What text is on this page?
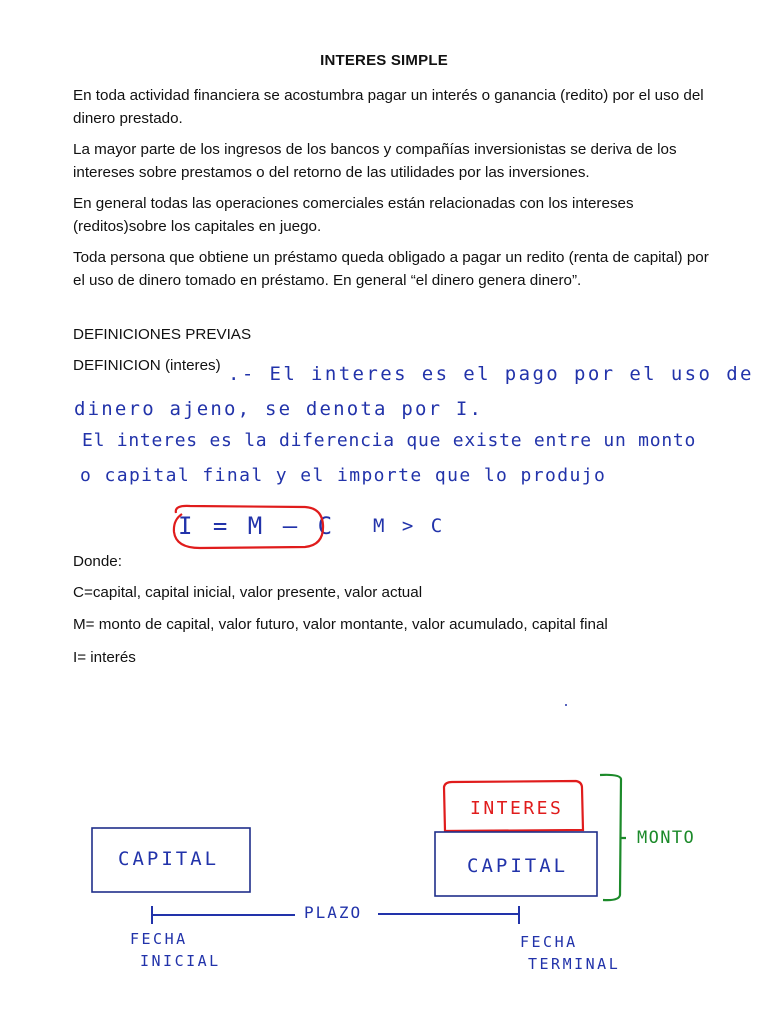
INTERES SIMPLE

En toda actividad financiera se acostumbra pagar un interés o ganancia (redito) por el uso del dinero prestado.

La mayor parte de los ingresos de los bancos y compañías inversionistas se deriva de los intereses sobre prestamos o del retorno de las utilidades por las inversiones.

En general todas las operaciones comerciales están relacionadas con los intereses (reditos)sobre los capitales en juego.

Toda persona que obtiene un préstamo queda obligado a pagar un redito (renta de capital) por el uso de dinero tomado en préstamo. En general “el dinero genera dinero”.

DEFINICIONES PREVIAS
DEFINICION (interes) .- El interes es el pago por el uso de
dinero ajeno, se denota por I.
El interes es la diferencia que existe entre un monto
o capital final y el importe que lo produjo
I = M – C M > C
Donde:
C=capital, capital inicial, valor presente, valor actual
M= monto de capital, valor futuro, valor montante, valor acumulado, capital final
I= interés
CAPITAL
INTERES
CAPITAL
MONTO
PLAZO
FECHA
INICIAL
FECHA
TERMINAL
